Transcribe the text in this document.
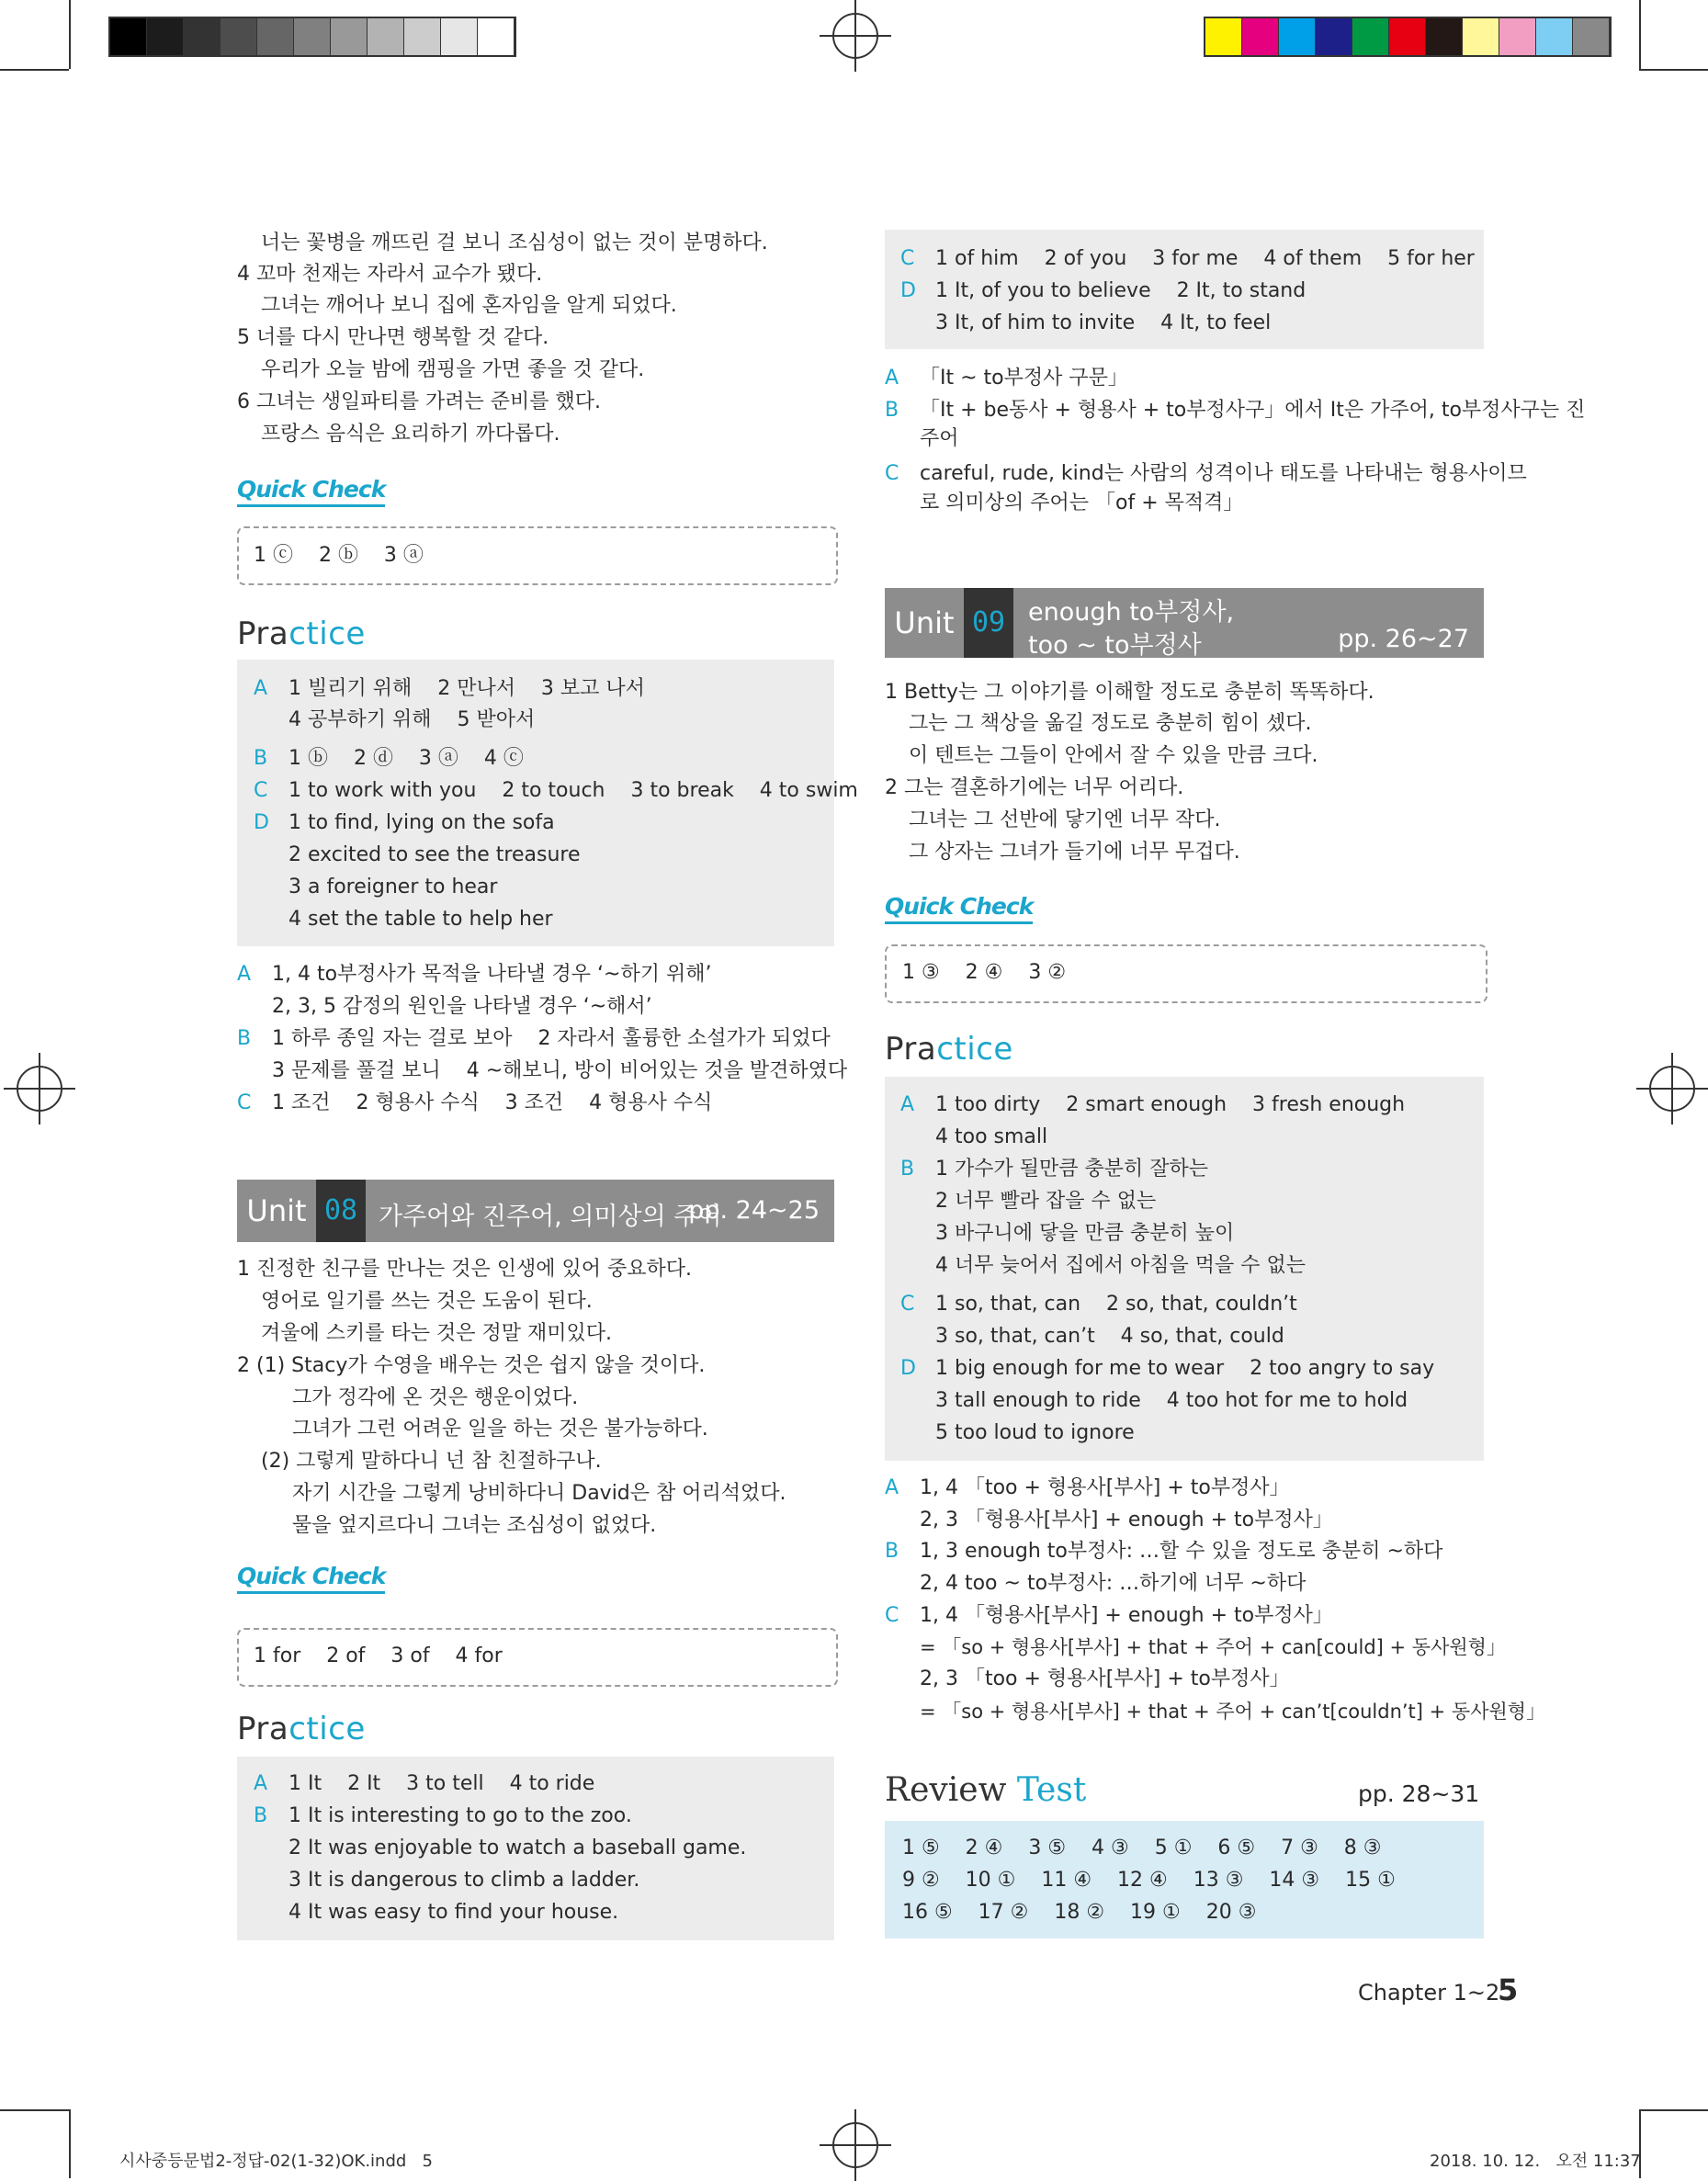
너는 꽃병을 깨뜨린 걸 보니 조심성이 없는 것이 분명하다.
4 꼬마 천재는 자라서 교수가 됐다.
그녀는 깨어나 보니 집에 혼자임을 알게 되었다.
5 너를 다시 만나면 행복할 것 같다.
우리가 오늘 밤에 캠핑을 가면 좋을 것 같다.
6 그녀는 생일파티를 가려는 준비를 했다.
프랑스 음식은 요리하기 까다롭다.
Quick Check
1 ⓒ    2 ⓑ    3 ⓐ
Practice
A 1 빌리기 위해    2 만나서    3 보고 나서
4 공부하기 위해    5 받아서
B 1 ⓑ    2 ⓓ    3 ⓐ    4 ⓒ
C 1 to work with you    2 to touch    3 to break    4 to swim
D 1 to find, lying on the sofa
2 excited to see the treasure
3 a foreigner to hear
4 set the table to help her
A 1, 4 to부정사가 목적을 나타낼 경우 ‘~하기 위해’
2, 3, 5 감정의 원인을 나타낼 경우 ‘~해서’
B 1 하루 종일 자는 걸로 보아    2 자라서 훌륭한 소설가가 되었다
3 문제를 풀걸 보니    4 ~해보니, 방이 비어있는 것을 발견하였다
C 1 조건    2 형용사 수식    3 조건    4 형용사 수식
Unit 08 가주어와 진주어, 의미상의 주어
pp. 24~25
1 진정한 친구를 만나는 것은 인생에 있어 중요하다.
영어로 일기를 쓰는 것은 도움이 된다.
겨울에 스키를 타는 것은 정말 재미있다.
2 (1) Stacy가 수영을 배우는 것은 쉽지 않을 것이다.
그가 정각에 온 것은 행운이었다.
그녀가 그런 어려운 일을 하는 것은 불가능하다.
(2) 그렇게 말하다니 넌 참 친절하구나.
자기 시간을 그렇게 낭비하다니 David은 참 어리석었다.
물을 엎지르다니 그녀는 조심성이 없었다.
Quick Check
1 for    2 of    3 of    4 for
Practice
A 1 It    2 It    3 to tell    4 to ride
B 1 It is interesting to go to the zoo.
2 It was enjoyable to watch a baseball game.
3 It is dangerous to climb a ladder.
4 It was easy to find your house.
C 1 of him    2 of you    3 for me    4 of them    5 for her
D 1 It, of you to believe    2 It, to stand
3 It, of him to invite    4 It, to feel
A 「It ~ to부정사 구문」
B 「It + be동사 + 형용사 + to부정사구」에서 It은 가주어, to부정사구는 진
주어
C careful, rude, kind는 사람의 성격이나 태도를 나타내는 형용사이므
로 의미상의 주어는 「of + 목적격」
Unit 09 enough to부정사,
too ~ to부정사	pp. 26~27
1 Betty는 그 이야기를 이해할 정도로 충분히 똑똑하다.
그는 그 책상을 옮길 정도로 충분히 힘이 셌다.
이 텐트는 그들이 안에서 잘 수 있을 만큼 크다.
2 그는 결혼하기에는 너무 어리다.
그녀는 그 선반에 닿기엔 너무 작다.
그 상자는 그녀가 들기에 너무 무겁다.
Quick Check
1 ③    2 ④    3 ②
Practice
A 1 too dirty    2 smart enough    3 fresh enough
4 too small
B 1 가수가 될만큼 충분히 잘하는
2 너무 빨라 잡을 수 없는
3 바구니에 닿을 만큼 충분히 높이
4 너무 늦어서 집에서 아침을 먹을 수 없는
C 1 so, that, can    2 so, that, couldn’t
3 so, that, can’t    4 so, that, could
D 1 big enough for me to wear    2 too angry to say
3 tall enough to ride    4 too hot for me to hold
5 too loud to ignore
A 1, 4 「too + 형용사[부사] + to부정사」
2, 3 「형용사[부사] + enough + to부정사」
B 1, 3 enough to부정사: …할 수 있을 정도로 충분히 ~하다
2, 4 too ~ to부정사: …하기에 너무 ~하다
C 1, 4 「형용사[부사] + enough + to부정사」
= 「so + 형용사[부사] + that + 주어 + can[could] + 동사원형」
2, 3 「too + 형용사[부사] + to부정사」
= 「so + 형용사[부사] + that + 주어 + can’t[couldn’t] + 동사원형」
Review Test	pp. 28~31
1 ⑤    2 ④    3 ⑤    4 ③    5 ①    6 ⑤    7 ③    8 ③
9 ②    10 ①    11 ④    12 ④    13 ③    14 ③    15 ①
16 ⑤    17 ②    18 ②    19 ①    20 ③
Chapter 1~2
5
시사중등문법2-정답-02(1-32)OK.indd   5	2018. 10. 12.   오전 11:37
